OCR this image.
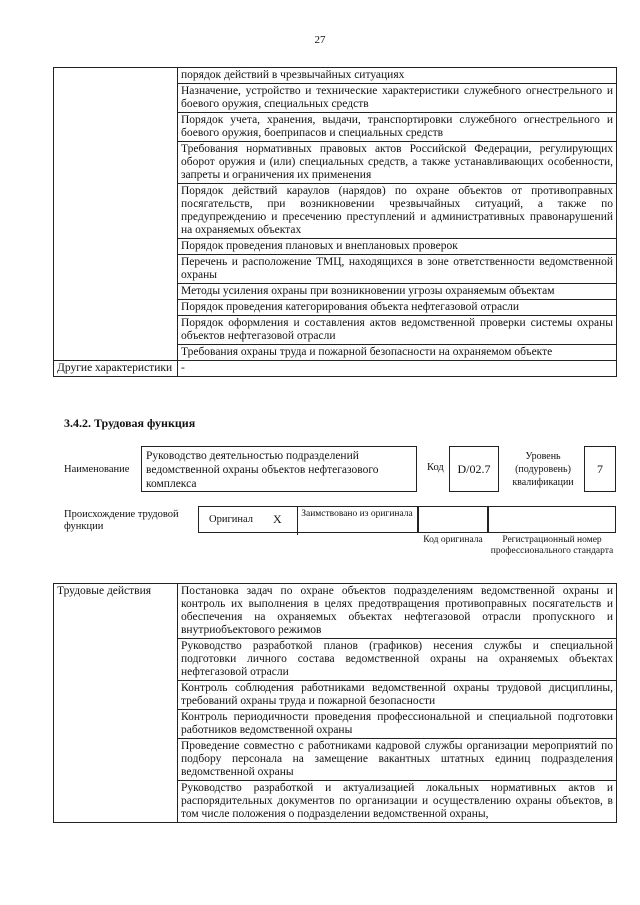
27
	порядок действий в чрезвычайных ситуациях
	Назначение, устройство и технические характеристики служебного огнестрельного и боевого оружия, специальных средств
	Порядок учета, хранения, выдачи, транспортировки служебного огнестрельного и боевого оружия, боеприпасов и специальных средств
	Требования нормативных правовых актов Российской Федерации, регулирующих оборот оружия и (или) специальных средств, а также устанавливающих особенности, запреты и ограничения их применения
	Порядок действий караулов (нарядов) по охране объектов от противоправных посягательств, при возникновении чрезвычайных ситуаций, а также по предупреждению и пресечению преступлений и административных правонарушений на охраняемых объектах
	Порядок проведения плановых и внеплановых проверок
	Перечень и расположение ТМЦ, находящихся в зоне ответственности ведомственной охраны
	Методы усиления охраны при возникновении угрозы охраняемым объектам
	Порядок проведения категорирования объекта нефтегазовой отрасли
	Порядок оформления и составления актов ведомственной проверки системы охраны объектов нефтегазовой отрасли
	Требования охраны труда и пожарной безопасности на охраняемом объекте
Другие характеристики	-
3.4.2. Трудовая функция
Наименование
Руководство деятельностью подразделений ведомственной охраны объектов нефтегазового комплекса
Код	D/02.7
Уровень (подуровень) квалификации
7
Происхождение трудовой функции
Оригинал X	Заимствовано из оригинала
Код оригинала	Регистрационный номер профессионального стандарта
Трудовые действия	Постановка задач по охране объектов подразделениям ведомственной охраны и контроль их выполнения в целях предотвращения противоправных посягательств и обеспечения на охраняемых объектах нефтегазовой отрасли пропускного и внутриобъектового режимов
Руководство разработкой планов (графиков) несения службы и специальной подготовки личного состава ведомственной охраны на охраняемых объектах нефтегазовой отрасли
Контроль соблюдения работниками ведомственной охраны трудовой дисциплины, требований охраны труда и пожарной безопасности
Контроль периодичности проведения профессиональной и специальной подготовки работников ведомственной охраны
Проведение совместно с работниками кадровой службы организации мероприятий по подбору персонала на замещение вакантных штатных единиц подразделения ведомственной охраны
Руководство разработкой и актуализацией локальных нормативных актов и распорядительных документов по организации и осуществлению охраны объектов, в том числе положения о подразделении ведомственной охраны,
